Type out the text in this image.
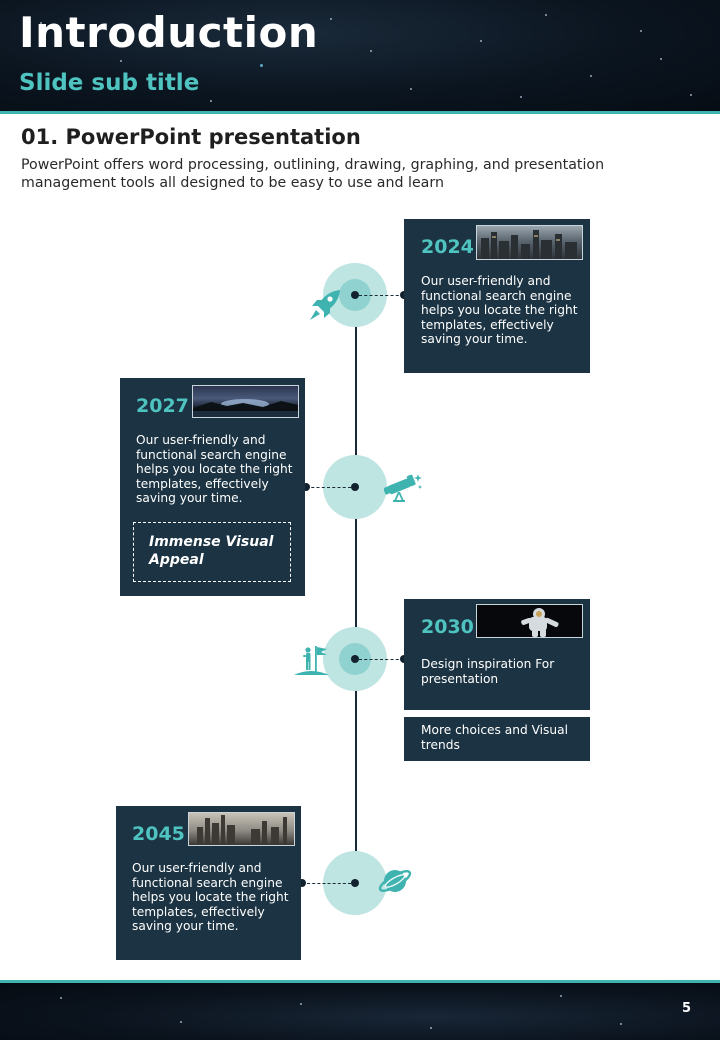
Introduction
Slide sub title
01. PowerPoint presentation

PowerPoint offers word processing, outlining, drawing, graphing, and presentation management tools all designed to be easy to use and learn

2024

Our user-friendly and functional search engine helps you locate the right templates, effectively saving your time.

2027

Our user-friendly and functional search engine helps you locate the right templates, effectively saving your time.

Immense Visual Appeal

2030

Design inspiration For presentation

More choices and Visual trends

2045

Our user-friendly and functional search engine helps you locate the right templates, effectively saving your time.

5
